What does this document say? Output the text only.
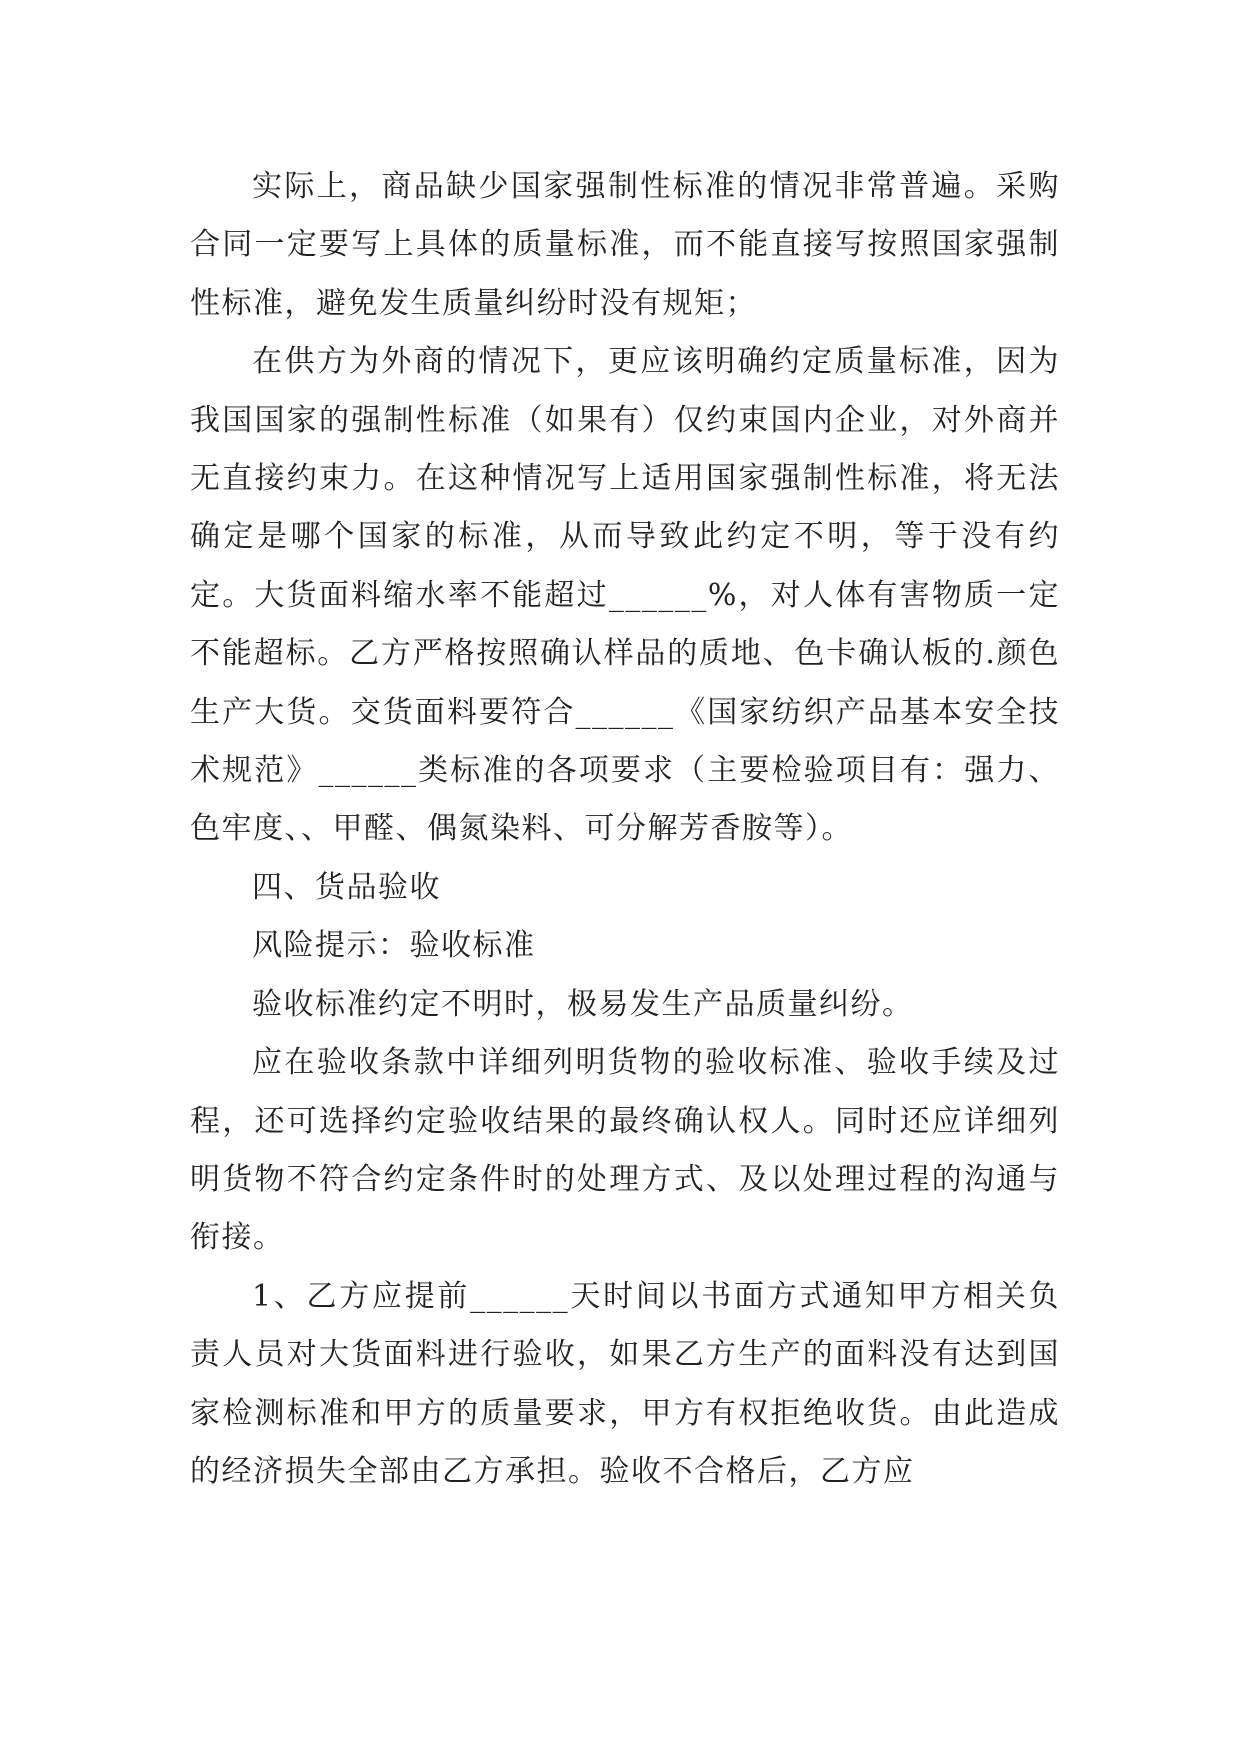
实际上，商品缺少国家强制性标准的情况非常普遍。采购合同一定要写上具体的质量标准，而不能直接写按照国家强制性标准，避免发生质量纠纷时没有规矩；

在供方为外商的情况下，更应该明确约定质量标准，因为我国国家的强制性标准（如果有）仅约束国内企业，对外商并无直接约束力。在这种情况写上适用国家强制性标准，将无法确定是哪个国家的标准，从而导致此约定不明，等于没有约定。大货面料缩水率不能超过______%，对人体有害物质一定不能超标。乙方严格按照确认样品的质地、色卡确认板的.颜色生产大货。交货面料要符合______《国家纺织产品基本安全技术规范》______类标准的各项要求（主要检验项目有：强力、色牢度、、甲醛、偶氮染料、可分解芳香胺等）。

四、货品验收

风险提示：验收标准

验收标准约定不明时，极易发生产品质量纠纷。

应在验收条款中详细列明货物的验收标准、验收手续及过程，还可选择约定验收结果的最终确认权人。同时还应详细列明货物不符合约定条件时的处理方式、及以处理过程的沟通与衔接。

1、乙方应提前______天时间以书面方式通知甲方相关负责人员对大货面料进行验收，如果乙方生产的面料没有达到国家检测标准和甲方的质量要求，甲方有权拒绝收货。由此造成的经济损失全部由乙方承担。验收不合格后，乙方应
